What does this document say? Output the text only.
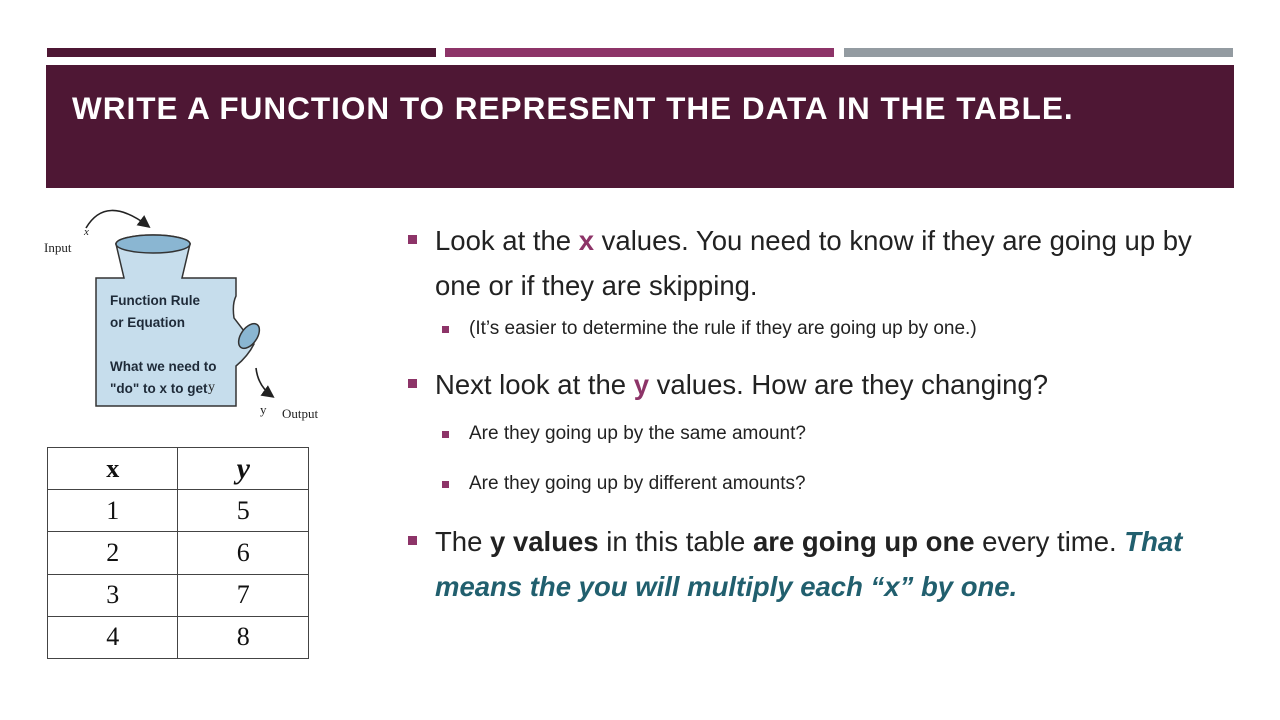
WRITE A FUNCTION TO REPRESENT THE DATA IN THE TABLE.
Input
x
Function Rule
or Equation
What we need to
"do" to x to get y
y Output
x	y
1	5
2	6
3	7
4	8
Look at the x values. You need to know if they are going up by one or if they are skipping.
(It’s easier to determine the rule if they are going up by one.)
Next look at the y values. How are they changing?
Are they going up by the same amount?
Are they going up by different amounts?
The y values in this table are going up one every time. That means the you will multiply each “x” by one.
